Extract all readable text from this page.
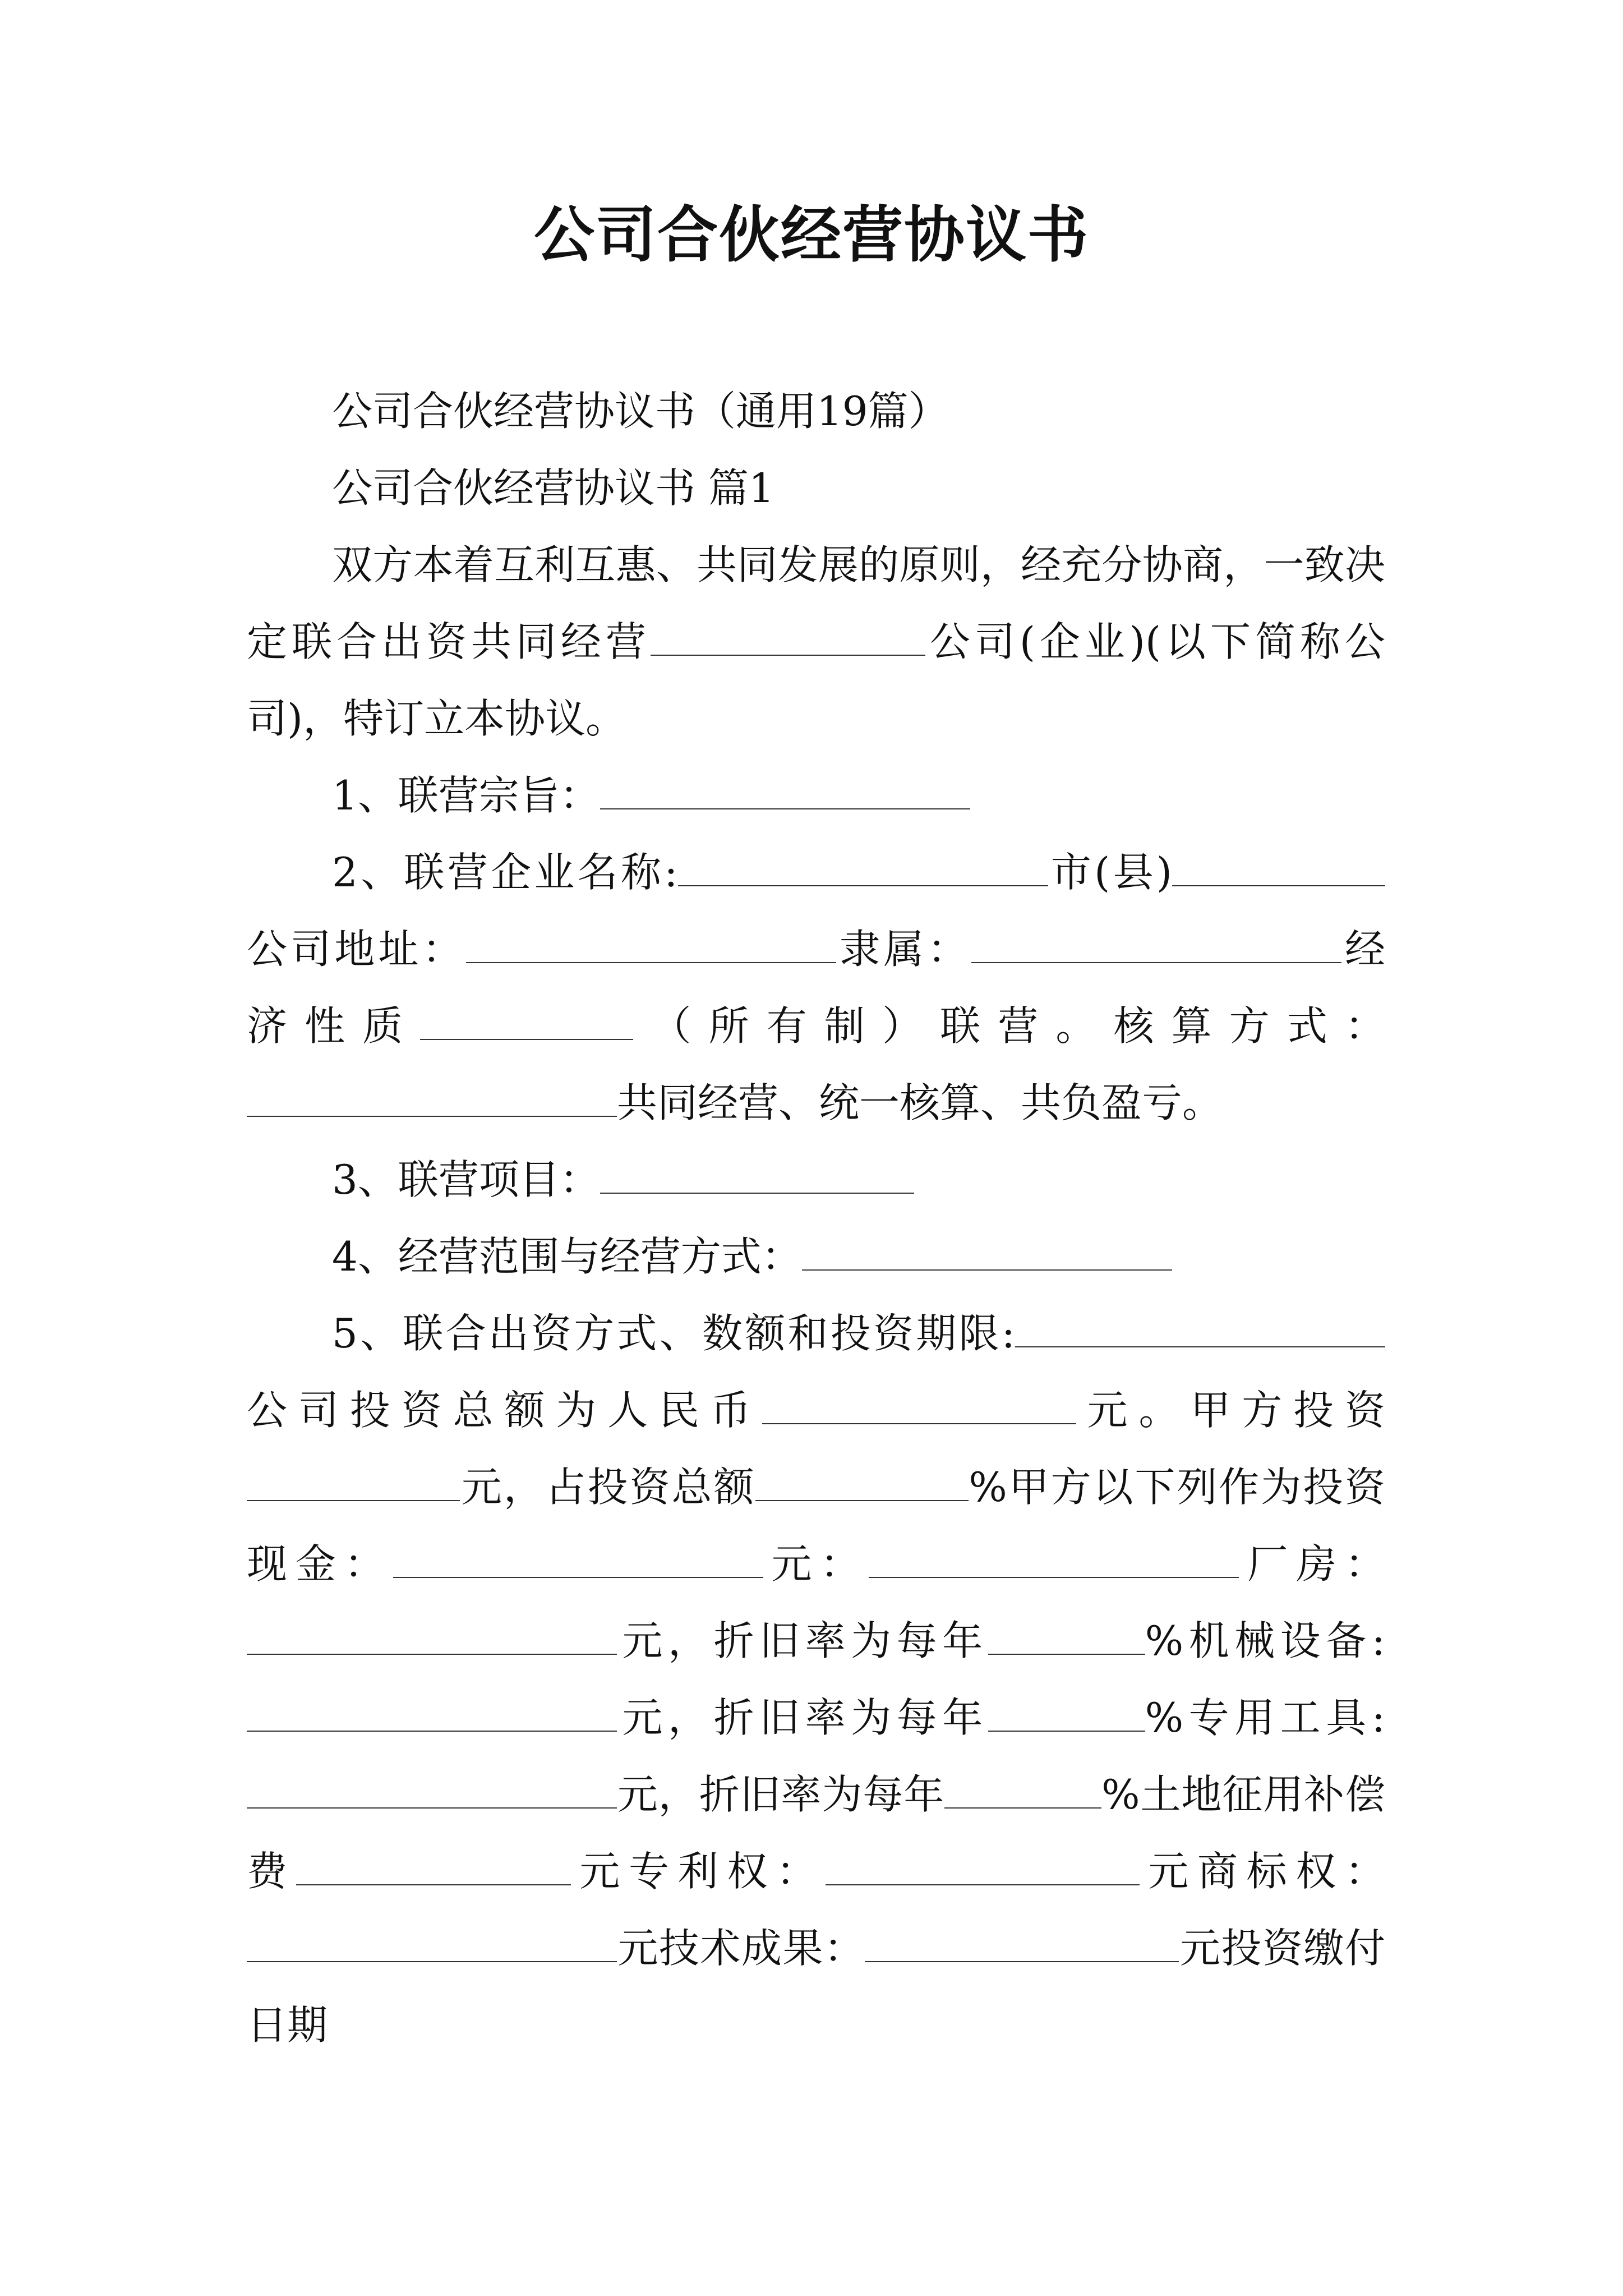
公司合伙经营协议书

公司合伙经营协议书（通用19篇）

公司合伙经营协议书 篇1

双方本着互利互惠、共同发展的原则，经充分协商，一致决定联合出资共同经营	公司(企业)(以下简称公司)，特订立本协议。

1、联营宗旨：

2、联营企业名称:	市(县)公司地址：	隶属：	经济性质	（所有制）联营。核算方式：共同经营、统一核算、共负盈亏。

3、联营项目：

4、经营范围与经营方式：

5、联合出资方式、数额和投资期限:公司投资总额为人民币	元。甲方投资元，占投资总额	%甲方以下列作为投资现金：	元：	厂房：元，折旧率为每年	%机械设备:元，折旧率为每年	%专用工具:元，折旧率为每年	%土地征用补偿费	元专利权：	元商标权：元技术成果：	元投资缴付日期
